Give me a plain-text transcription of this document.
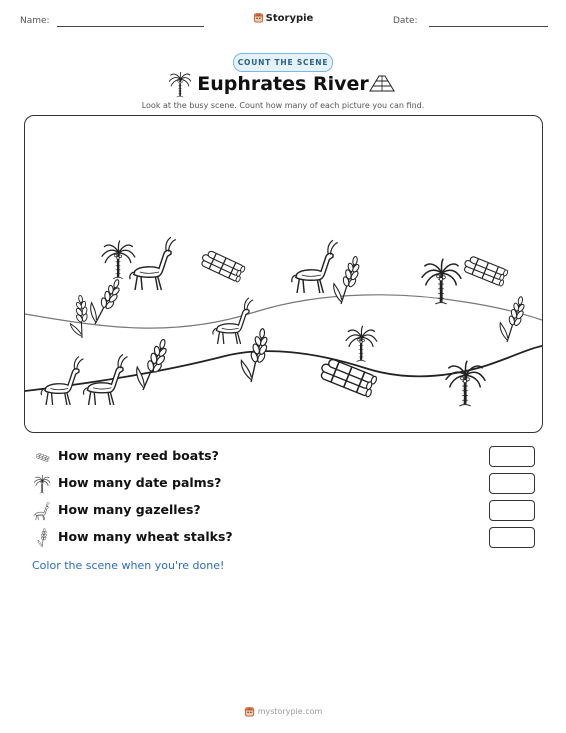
Name:	Storypie	Date:
COUNT THE SCENE
Euphrates River
Look at the busy scene. Count how many of each picture you can find.
How many reed boats?
How many date palms?
How many gazelles?
How many wheat stalks?
Color the scene when you're done!
mystorypie.com
